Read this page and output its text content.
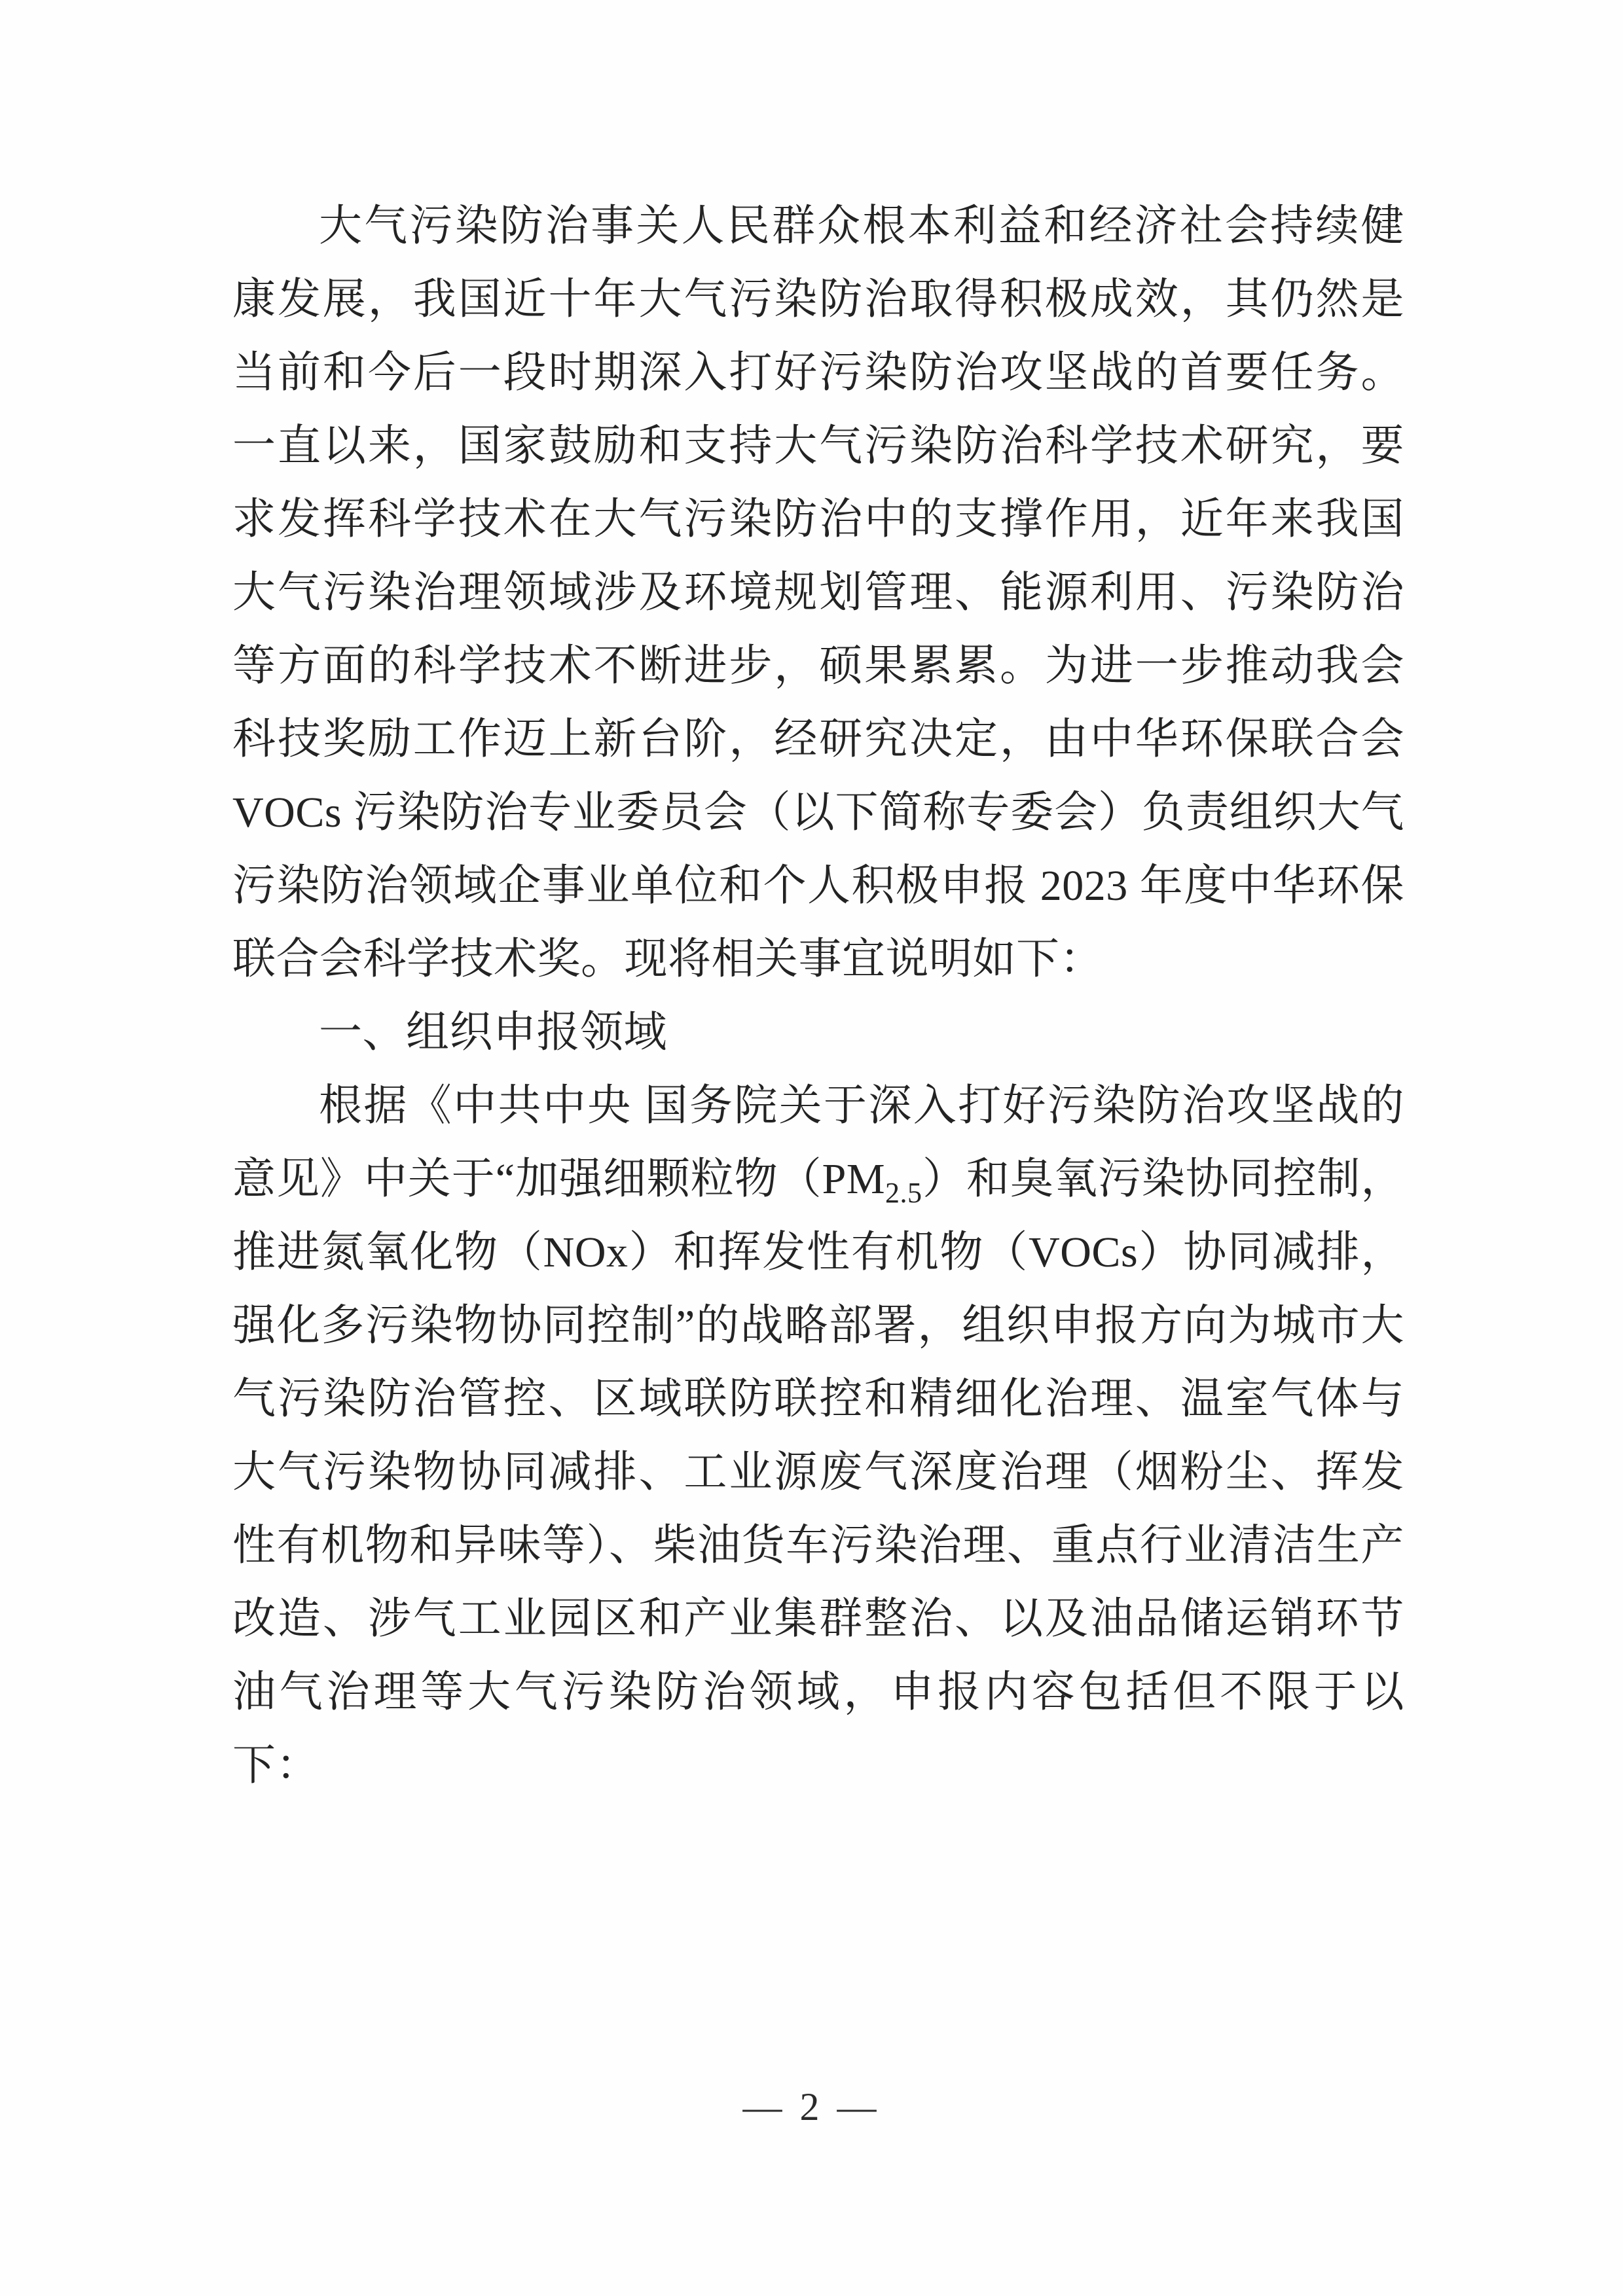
大气污染防治事关人民群众根本利益和经济社会持续健康发展，我国近十年大气污染防治取得积极成效，其仍然是当前和今后一段时期深入打好污染防治攻坚战的首要任务。一直以来，国家鼓励和支持大气污染防治科学技术研究，要求发挥科学技术在大气污染防治中的支撑作用，近年来我国大气污染治理领域涉及环境规划管理、能源利用、污染防治等方面的科学技术不断进步，硕果累累。为进一步推动我会科技奖励工作迈上新台阶，经研究决定，由中华环保联合会 VOCs 污染防治专业委员会（以下简称专委会）负责组织大气污染防治领域企事业单位和个人积极申报 2023 年度中华环保联合会科学技术奖。现将相关事宜说明如下：

一、组织申报领域

根据《中共中央 国务院关于深入打好污染防治攻坚战的意见》中关于“加强细颗粒物$(PM_{2.5})$和臭氧污染协同控制，推进氮氧化物（NOx）和挥发性有机物（VOCs）协同减排，强化多污染物协同控制”的战略部署，组织申报方向为城市大气污染防治管控、区域联防联控和精细化治理、温室气体与大气污染物协同减排、工业源废气深度治理（烟粉尘、挥发性有机物和异味等）、柴油货车污染治理、重点行业清洁生产改造、涉气工业园区和产业集群整治、以及油品储运销环节油气治理等大气污染防治领域，申报内容包括但不限于以下：

— 2 —
